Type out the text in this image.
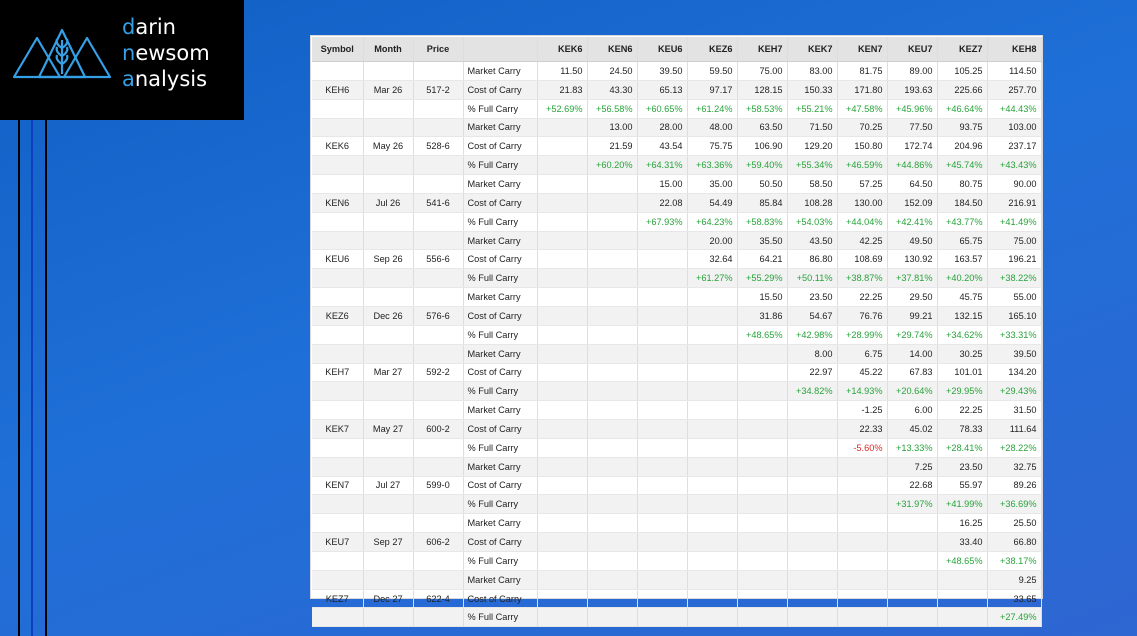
darin
newsom
analysis
Symbol	Month	Price		KEK6	KEN6	KEU6	KEZ6	KEH7	KEK7	KEN7	KEU7	KEZ7	KEH8
			Market Carry	11.50	24.50	39.50	59.50	75.00	83.00	81.75	89.00	105.25	114.50
KEH6	Mar 26	517-2	Cost of Carry	21.83	43.30	65.13	97.17	128.15	150.33	171.80	193.63	225.66	257.70
			% Full Carry	+52.69%	+56.58%	+60.65%	+61.24%	+58.53%	+55.21%	+47.58%	+45.96%	+46.64%	+44.43%
			Market Carry		13.00	28.00	48.00	63.50	71.50	70.25	77.50	93.75	103.00
KEK6	May 26	528-6	Cost of Carry		21.59	43.54	75.75	106.90	129.20	150.80	172.74	204.96	237.17
			% Full Carry		+60.20%	+64.31%	+63.36%	+59.40%	+55.34%	+46.59%	+44.86%	+45.74%	+43.43%
			Market Carry			15.00	35.00	50.50	58.50	57.25	64.50	80.75	90.00
KEN6	Jul 26	541-6	Cost of Carry			22.08	54.49	85.84	108.28	130.00	152.09	184.50	216.91
			% Full Carry			+67.93%	+64.23%	+58.83%	+54.03%	+44.04%	+42.41%	+43.77%	+41.49%
			Market Carry				20.00	35.50	43.50	42.25	49.50	65.75	75.00
KEU6	Sep 26	556-6	Cost of Carry				32.64	64.21	86.80	108.69	130.92	163.57	196.21
			% Full Carry				+61.27%	+55.29%	+50.11%	+38.87%	+37.81%	+40.20%	+38.22%
			Market Carry					15.50	23.50	22.25	29.50	45.75	55.00
KEZ6	Dec 26	576-6	Cost of Carry					31.86	54.67	76.76	99.21	132.15	165.10
			% Full Carry					+48.65%	+42.98%	+28.99%	+29.74%	+34.62%	+33.31%
			Market Carry						8.00	6.75	14.00	30.25	39.50
KEH7	Mar 27	592-2	Cost of Carry						22.97	45.22	67.83	101.01	134.20
			% Full Carry						+34.82%	+14.93%	+20.64%	+29.95%	+29.43%
			Market Carry							-1.25	6.00	22.25	31.50
KEK7	May 27	600-2	Cost of Carry							22.33	45.02	78.33	111.64
			% Full Carry							-5.60%	+13.33%	+28.41%	+28.22%
			Market Carry								7.25	23.50	32.75
KEN7	Jul 27	599-0	Cost of Carry								22.68	55.97	89.26
			% Full Carry								+31.97%	+41.99%	+36.69%
			Market Carry									16.25	25.50
KEU7	Sep 27	606-2	Cost of Carry									33.40	66.80
			% Full Carry									+48.65%	+38.17%
			Market Carry										9.25
KEZ7	Dec 27	622-4	Cost of Carry										33.65
			% Full Carry										+27.49%
